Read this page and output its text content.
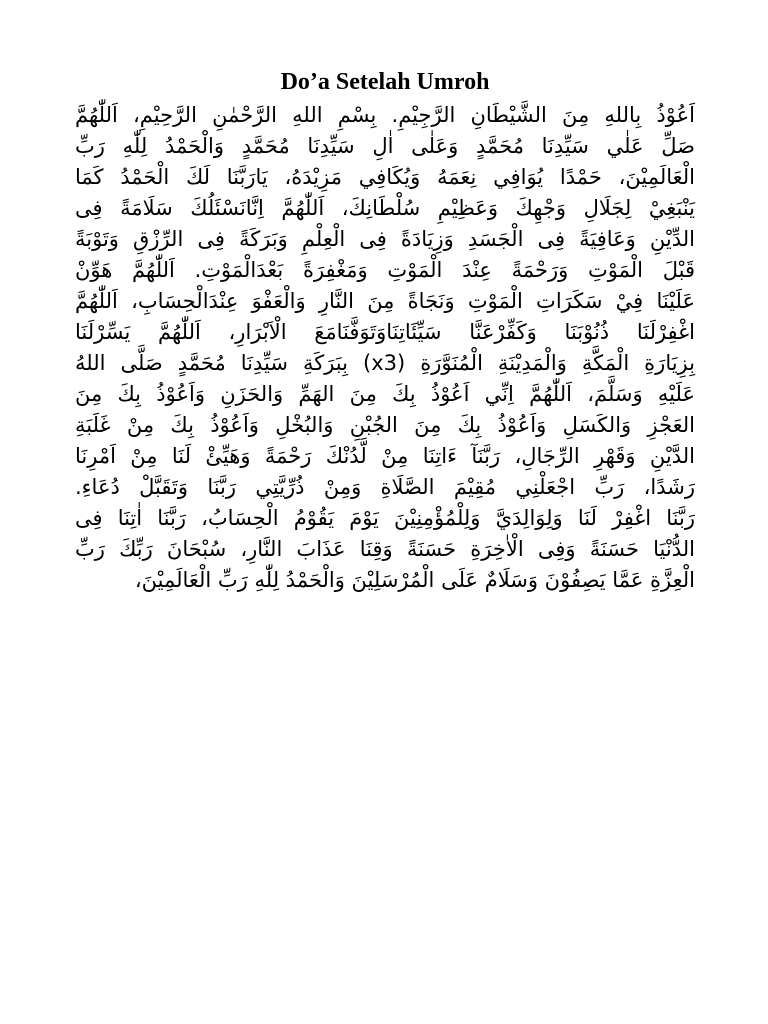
Do’a Setelah Umroh
اَعُوْذُ بِاللهِ مِنَ الشَّيْطَانِ الرَّجِيْمِ. بِسْمِ اللهِ الرَّحْمٰنِ الرَّحِيْمِ، اَللّٰهُمَّ
صَلِّ عَلٰي سَيِّدِنَا مُحَمَّدٍ وَعَلٰى اٰلِ سَيِّدِنَا مُحَمَّدٍ وَالْحَمْدُ لِلّٰهِ رَبِّ
الْعَالَمِيْنَ، حَمْدًا يُوَافِي نِعَمَهُ وَيُكَافِي مَزِيْدَهُ، يَارَبَّنَا لَكَ الْحَمْدُ كَمَا
يَنْبَغِيْ لِجَلَالِ وَجْهِكَ وَعَظِيْمِ سُلْطَانِكَ، اَللّٰهُمَّ اِنَّانَسْئَلُكَ سَلَامَةً فِى
الدِّيْنِ وَعَافِيَةً فِى الْجَسَدِ وَزِيَادَةً فِى الْعِلْمِ وَبَرَكَةً فِى الرِّزْقِ وَتَوْبَةً
قَبْلَ الْمَوْتِ وَرَحْمَةً عِنْدَ الْمَوْتِ وَمَغْفِرَةً بَعْدَالْمَوْتِ. اَللّٰهُمَّ هَوِّنْ
عَلَيْنَا فِيْ سَكَرَاتِ الْمَوْتِ وَنَجَاةً مِنَ النَّارِ وَالْعَفْوَ عِنْدَالْحِسَابِ، اَللّٰهُمَّ
اغْفِرْلَنَا ذُنُوْبَنَا وَكَفِّرْعَنَّا سَيِّئَاتِنَاوَتَوَفَّنَامَعَ الْاَبْرَارِ، اَللّٰهُمَّ يَسِّرْلَنَا
بِزِيَارَةِ الْمَكَّةِ وَالْمَدِيْنَةِ الْمُنَوَّرَةِ (x3) بِبَرَكَةِ سَيِّدِنَا مُحَمَّدٍ صَلَّى اللهُ
عَلَيْهِ وَسَلَّمَ، اَللّٰهُمَّ اِنِّي اَعُوْذُ بِكَ مِنَ الهَمِّ وَالحَزَنِ وَاَعُوْذُ بِكَ مِنَ
العَجْزِ وَالكَسَلِ وَاَعُوْذُ بِكَ مِنَ الجُبْنِ وَالبُخْلِ وَاَعُوْذُ بِكَ مِنْ غَلَبَةِ
الدَّيْنِ وَقَهْرِ الرِّجَالِ، رَبَّنَآ ءَاتِنَا مِنْ لَّدُنْكَ رَحْمَةً وَهَيِّئْ لَنَا مِنْ اَمْرِنَا
رَشَدًا، رَبِّ اجْعَلْنِي مُقِيْمَ الصَّلَاةِ وَمِنْ ذُرِّيَّتِي رَبَّنَا وَتَقَبَّلْ دُعَاءِ.
رَبَّنَا اغْفِرْ لَنَا وَلِوَالِدَيَّ وَلِلْمُؤْمِنِيْنَ يَوْمَ يَقُوْمُ الْحِسَابُ، رَبَّنَا اٰتِنَا فِى
الدُّنْيَا حَسَنَةً وَفِى الْاٰخِرَةِ حَسَنَةً وَقِنَا عَذَابَ النَّارِ، سُبْحَانَ رَبِّكَ رَبِّ
الْعِزَّةِ عَمَّا يَصِفُوْنَ وَسَلَامٌ عَلَى الْمُرْسَلِيْنَ وَالْحَمْدُ لِلّٰهِ رَبِّ الْعَالَمِيْنَ،
